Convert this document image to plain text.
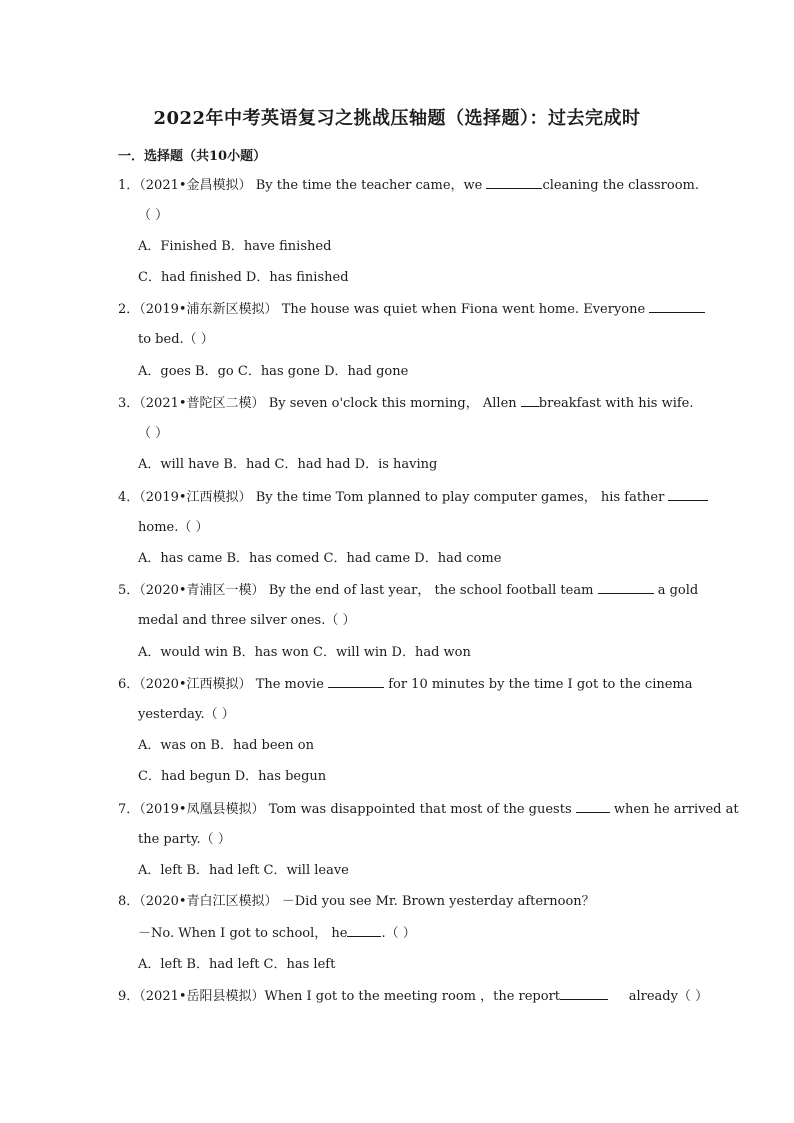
2022年中考英语复习之挑战压轴题（选择题）：过去完成时
一．选择题（共10小题）
1．（2021•金昌模拟） By the time the teacher came，we	cleaning the classroom.
（ ）
A．Finished B．have finished
C．had finished D．has finished
2．（2019•浦东新区模拟） The house was quiet when Fiona went home. Everyone
to bed.（ ）
A．goes B．go C．has gone D．had gone
3．（2021•普陀区二模） By seven o'clock this morning， Allen breakfast with his wife.
（ ）
A．will have B．had C．had had D．is having
4．（2019•江西模拟） By the time Tom planned to play computer games， his father
home.（ ）
A．has came B．has comed C．had came D．had come
5．（2020•青浦区一模） By the end of last year， the school football team	a gold
medal and three silver ones.（ ）
A．would win B．has won C．will win D．had won
6．（2020•江西模拟） The movie	for 10 minutes by the time I got to the cinema
yesterday.（ ）
A．was on B．had been on
C．had begun D．has begun
7．（2019•凤凰县模拟） Tom was disappointed that most of the guests	when he arrived at
the party.（ ）
A．left B．had left C．will leave
8．（2020•青白江区模拟） －Did you see Mr. Brown yesterday afternoon？
－No. When I got to school， he	.（ ）
A．left B．had left C．has left
9．（2021•岳阳县模拟）When I got to the meeting room ，the report	already（ ）
